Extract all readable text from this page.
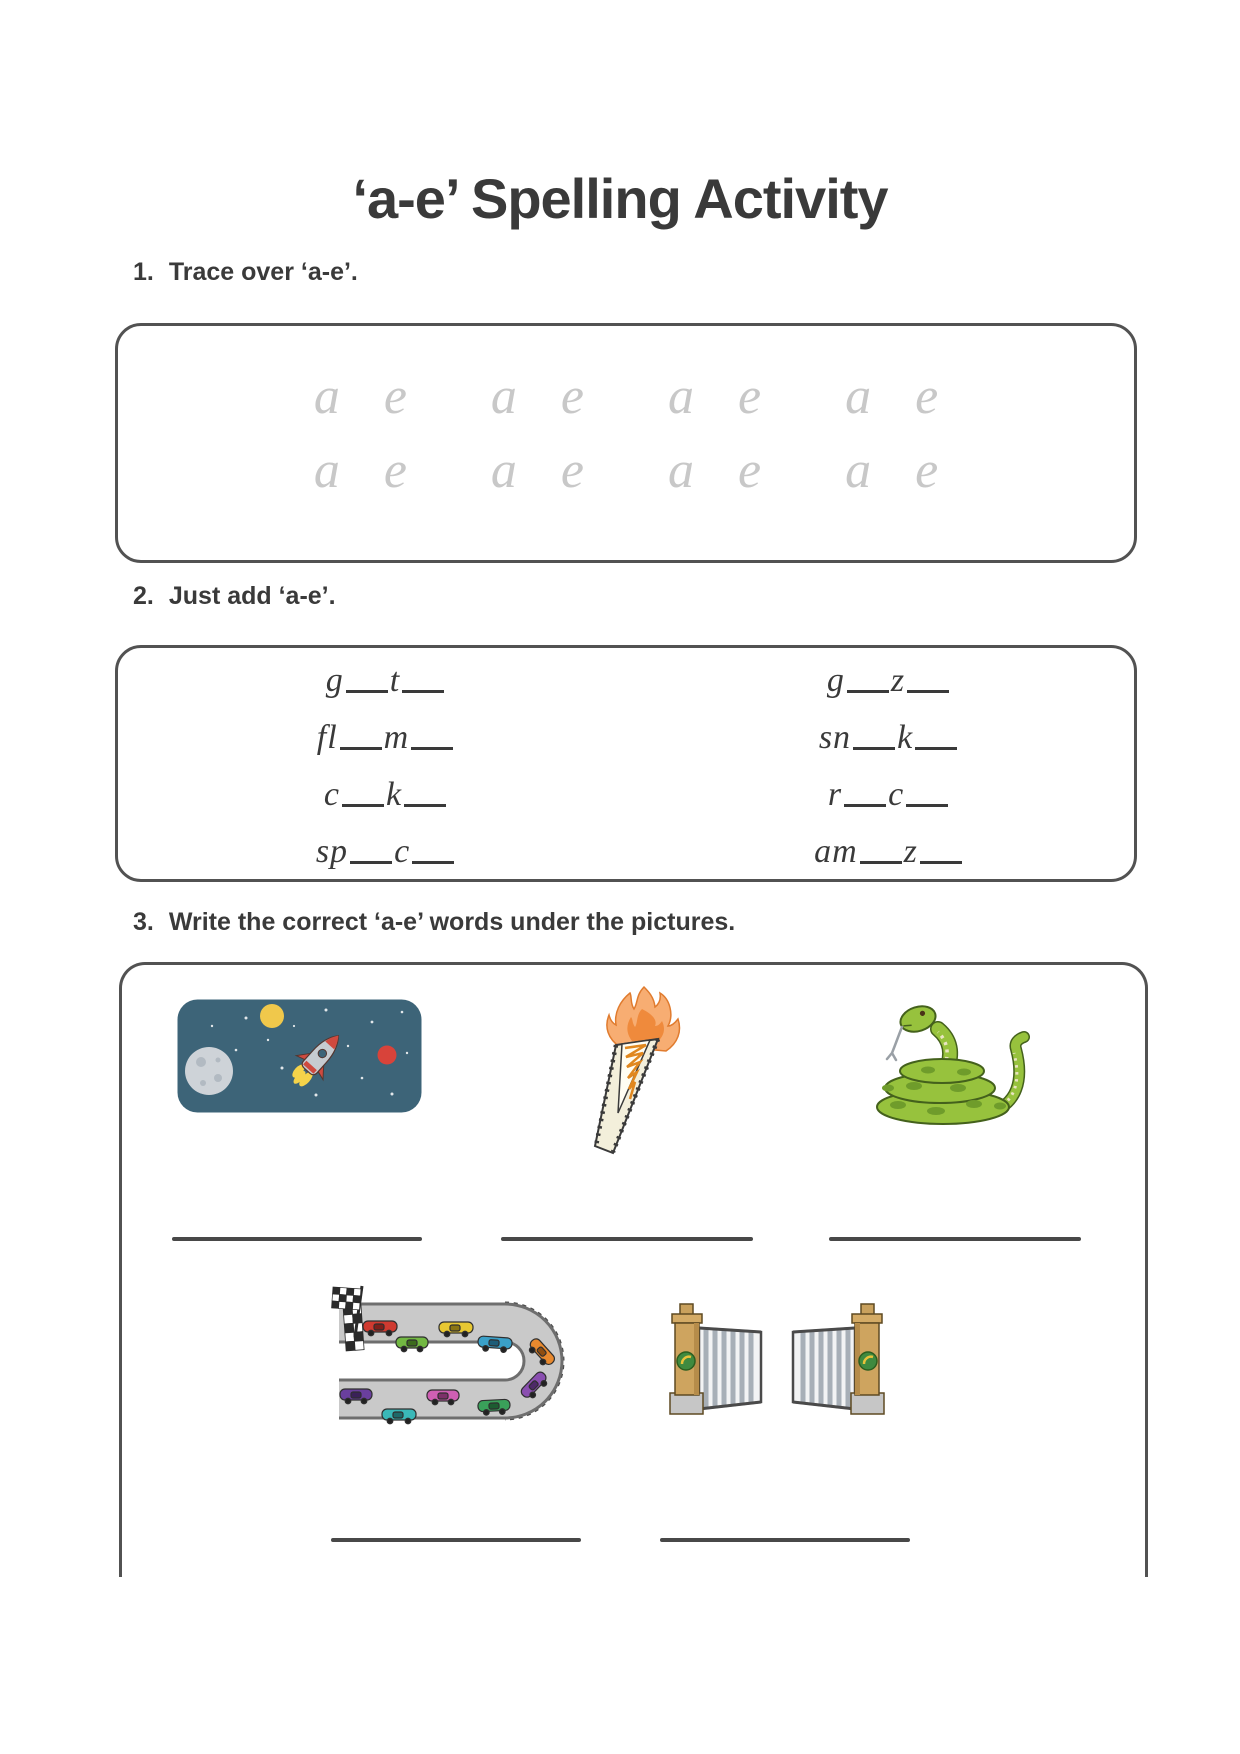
‘a-e’ Spelling Activity
1. Trace over ‘a-e’.
a e a e a e a e
a e a e a e a e
2. Just add ‘a-e’.
g t
fl m
c k
sp c
g z
sn k
r c
am z
3. Write the correct ‘a-e’ words under the pictures.
